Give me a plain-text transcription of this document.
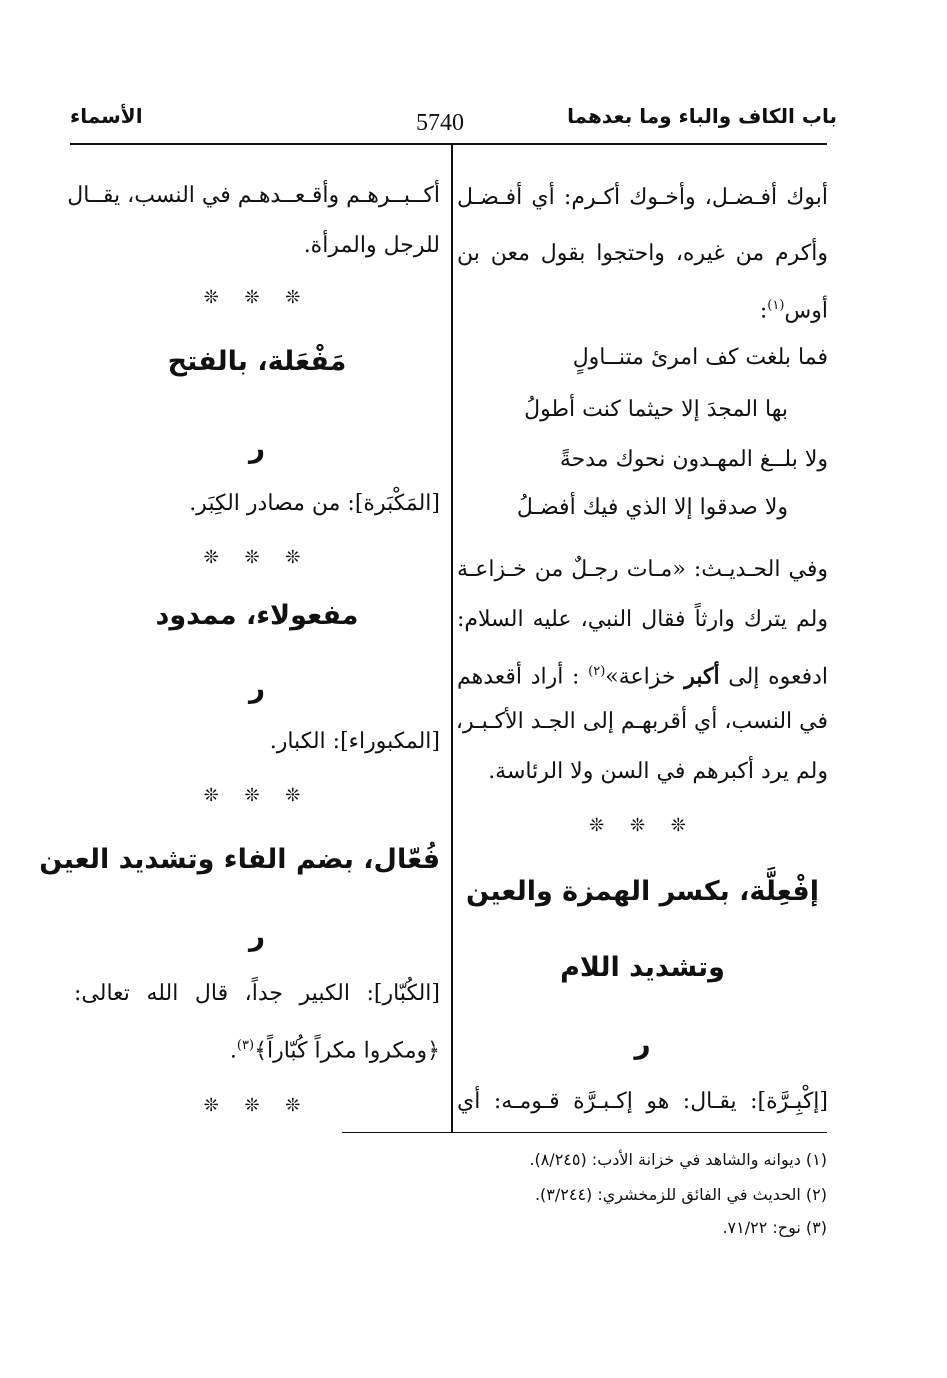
باب الكاف والباء وما بعدهما
5740
الأسماء
أبوك أفـضـل، وأخـوك أكـرم: أي أفـضـل
وأكرم من غيره، واحتجوا بقول معن بن
أوس$^{(١)}$:
فما بلغت كف امرئ متنــاولٍ
بها المجدَ إلا حيثما كنت أطولُ
ولا بلــغ المهـدون نحوك مدحةً
ولا صدقوا إلا الذي فيك أفضـلُ
وفي الحـديـث: «مـات رجـلٌ من خـزاعـة
ولم يترك وارثاً فقال النبي، عليه السلام:
ادفعوه إلى أكبر خزاعة»$^{(٢)}$ : أراد أقعدهم
في النسب، أي أقربهـم إلى الجـد الأكـبـر،
ولم يرد أكبرهم في السن ولا الرئاسة.
❊ ❊ ❊
إفْعِلَّة، بكسر الهمزة والعين
وتشديد اللام
ر
[إكْبِـرَّة]: يقـال: هو إكـبـرَّة قـومـه: أي
أكــبــرهـم وأقـعــدهـم في النسب، يقــال
للرجل والمرأة.
❊ ❊ ❊
مَفْعَلة، بالفتح
ر
[المَكْبَرة]: من مصادر الكِبَر.
❊ ❊ ❊
مفعولاء، ممدود
ر
[المكبوراء]: الكبار.
❊ ❊ ❊
فُعّال، بضم الفاء وتشديد العين
ر
[الكُبّار]: الكبير جداً، قال الله تعالى:
﴿ومكروا مكراً كُبّاراً﴾$^{(٣)}$.
❊ ❊ ❊
(١) ديوانه والشاهد في خزانة الأدب: (٨/٢٤٥).
(٢) الحديث في الفائق للزمخشري: (٣/٢٤٤).
(٣) نوح: ٧١/٢٢.
